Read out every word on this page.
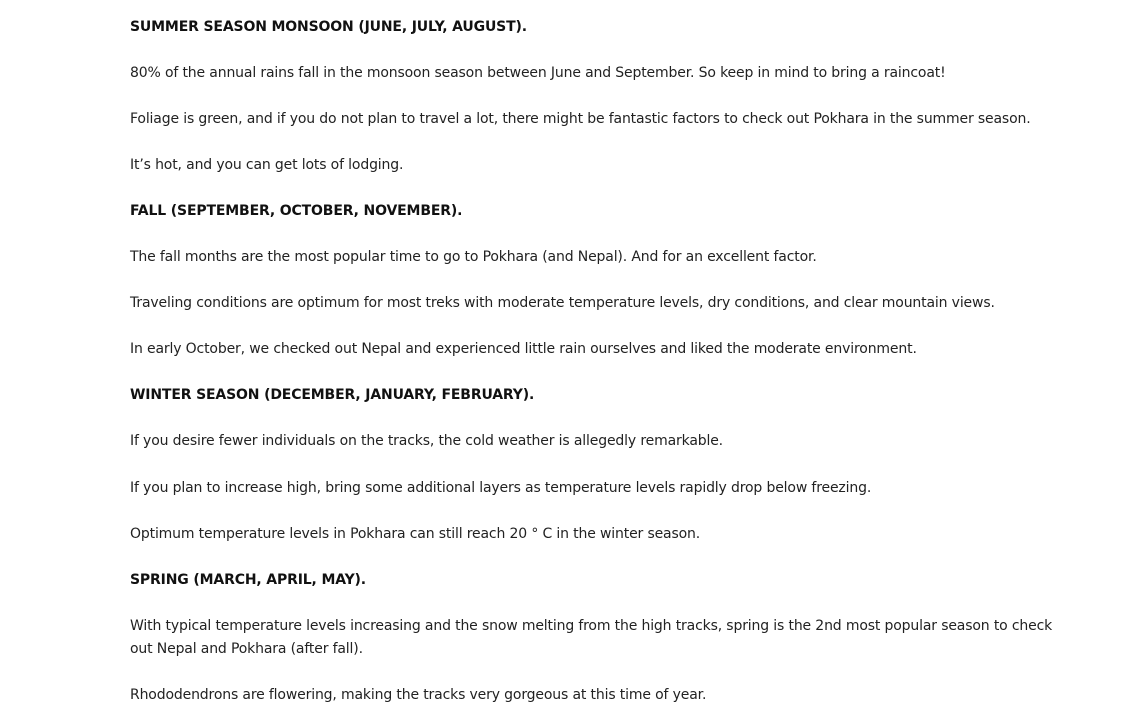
SUMMER SEASON MONSOON (JUNE, JULY, AUGUST).

80% of the annual rains fall in the monsoon season between June and September. So keep in mind to bring a raincoat!

Foliage is green, and if you do not plan to travel a lot, there might be fantastic factors to check out Pokhara in the summer season.

It’s hot, and you can get lots of lodging.

FALL (SEPTEMBER, OCTOBER, NOVEMBER).

The fall months are the most popular time to go to Pokhara (and Nepal). And for an excellent factor.

Traveling conditions are optimum for most treks with moderate temperature levels, dry conditions, and clear mountain views.

In early October, we checked out Nepal and experienced little rain ourselves and liked the moderate environment.

WINTER SEASON (DECEMBER, JANUARY, FEBRUARY).

If you desire fewer individuals on the tracks, the cold weather is allegedly remarkable.

If you plan to increase high, bring some additional layers as temperature levels rapidly drop below freezing.

Optimum temperature levels in Pokhara can still reach 20 ° C in the winter season.

SPRING (MARCH, APRIL, MAY).

With typical temperature levels increasing and the snow melting from the high tracks, spring is the 2nd most popular season to check out Nepal and Pokhara (after fall).

Rhododendrons are flowering, making the tracks very gorgeous at this time of year.
